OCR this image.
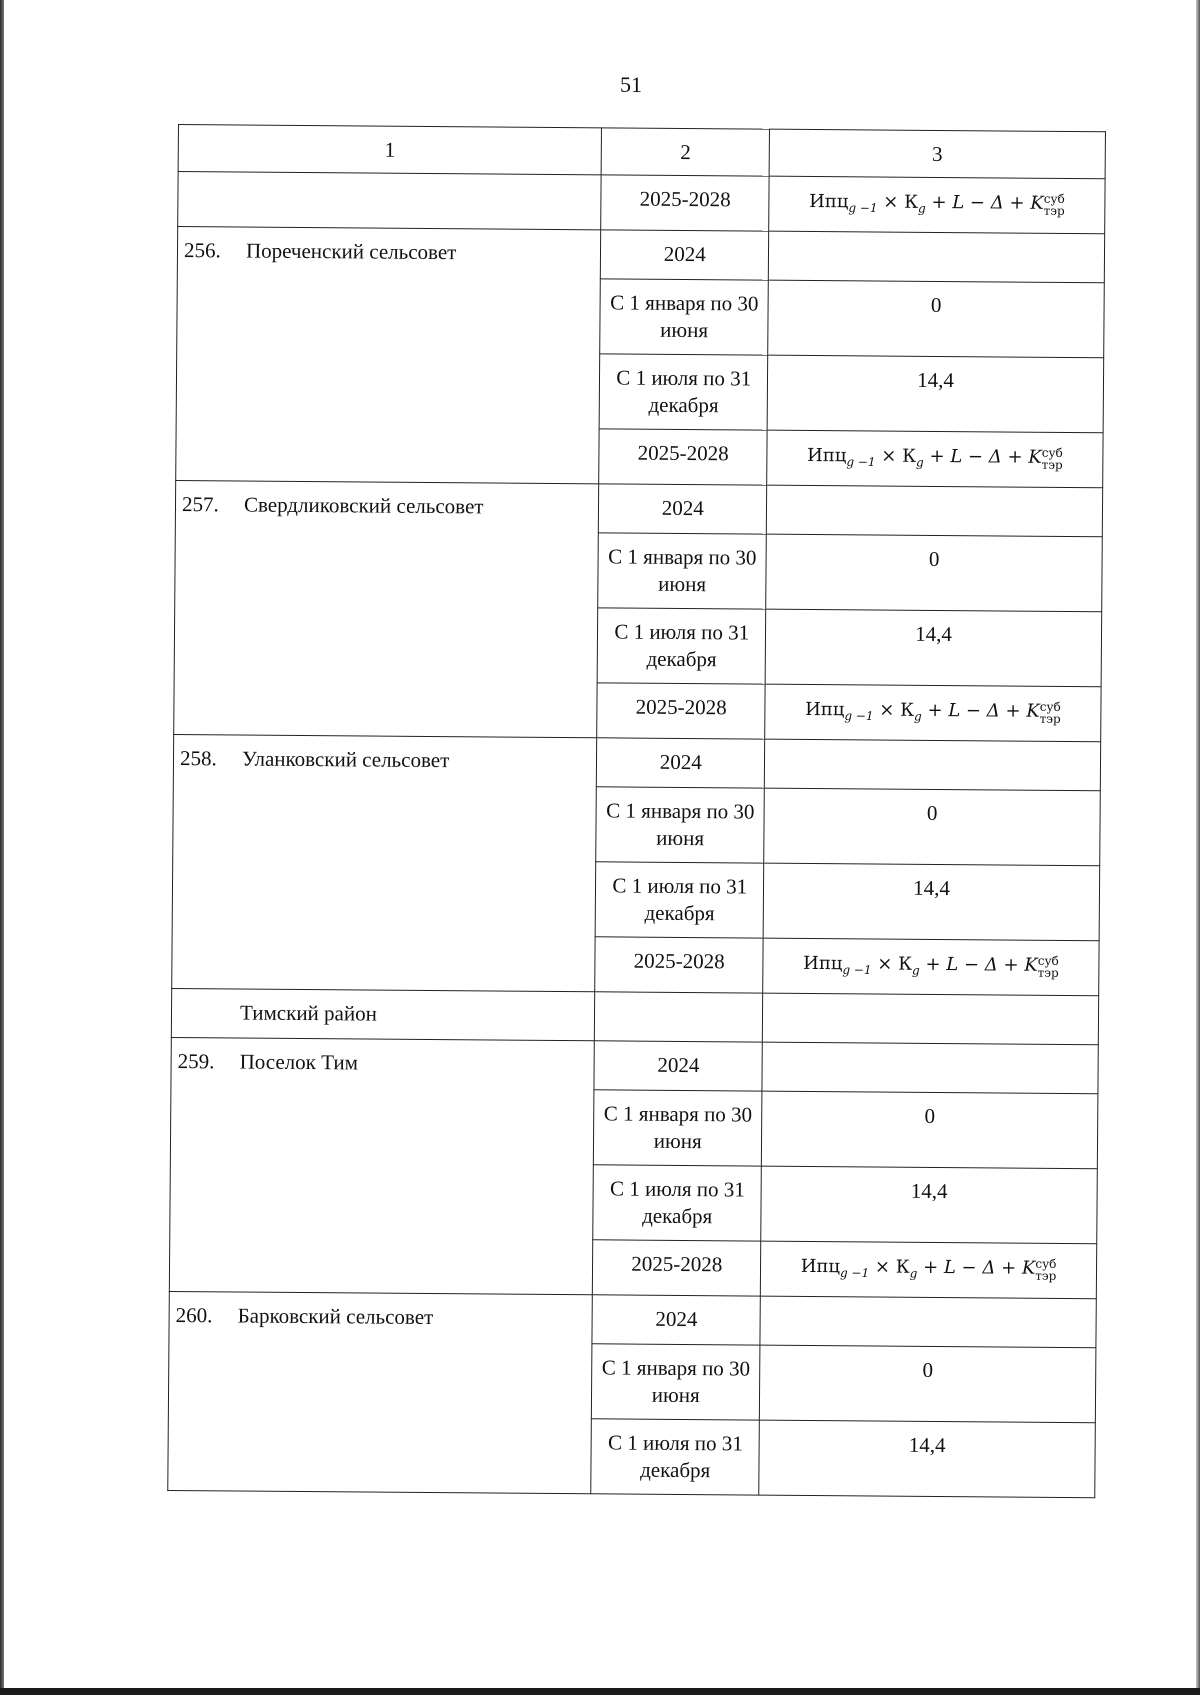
51
1	2	3
	2025-2028	$Ипц_{g -1} \times К_g + L - \Delta$ + Kсуб
тэр
256. Пореченский сельсовет	2024	
	С 1 января по 30 июня	0
	С 1 июля по 31 декабря	14,4
	2025-2028	$Ипц_{g -1} \times К_g + L - \Delta$ + Kсуб
тэр
257. Свердликовский сельсовет	2024	
	С 1 января по 30 июня	0
	С 1 июля по 31 декабря	14,4
	2025-2028	$Ипц_{g -1} \times К_g + L - \Delta$ + Kсуб
тэр
258. Уланковский сельсовет	2024	
	С 1 января по 30 июня	0
	С 1 июля по 31 декабря	14,4
	2025-2028	$Ипц_{g -1} \times К_g + L - \Delta$ + Kсуб
тэр
Тимский район		
259. Поселок Тим	2024	
	С 1 января по 30 июня	0
	С 1 июля по 31 декабря	14,4
	2025-2028	$Ипц_{g -1} \times К_g + L - \Delta$ + Kсуб
тэр
260. Барковский сельсовет	2024	
	С 1 января по 30 июня	0
	С 1 июля по 31 декабря	14,4
